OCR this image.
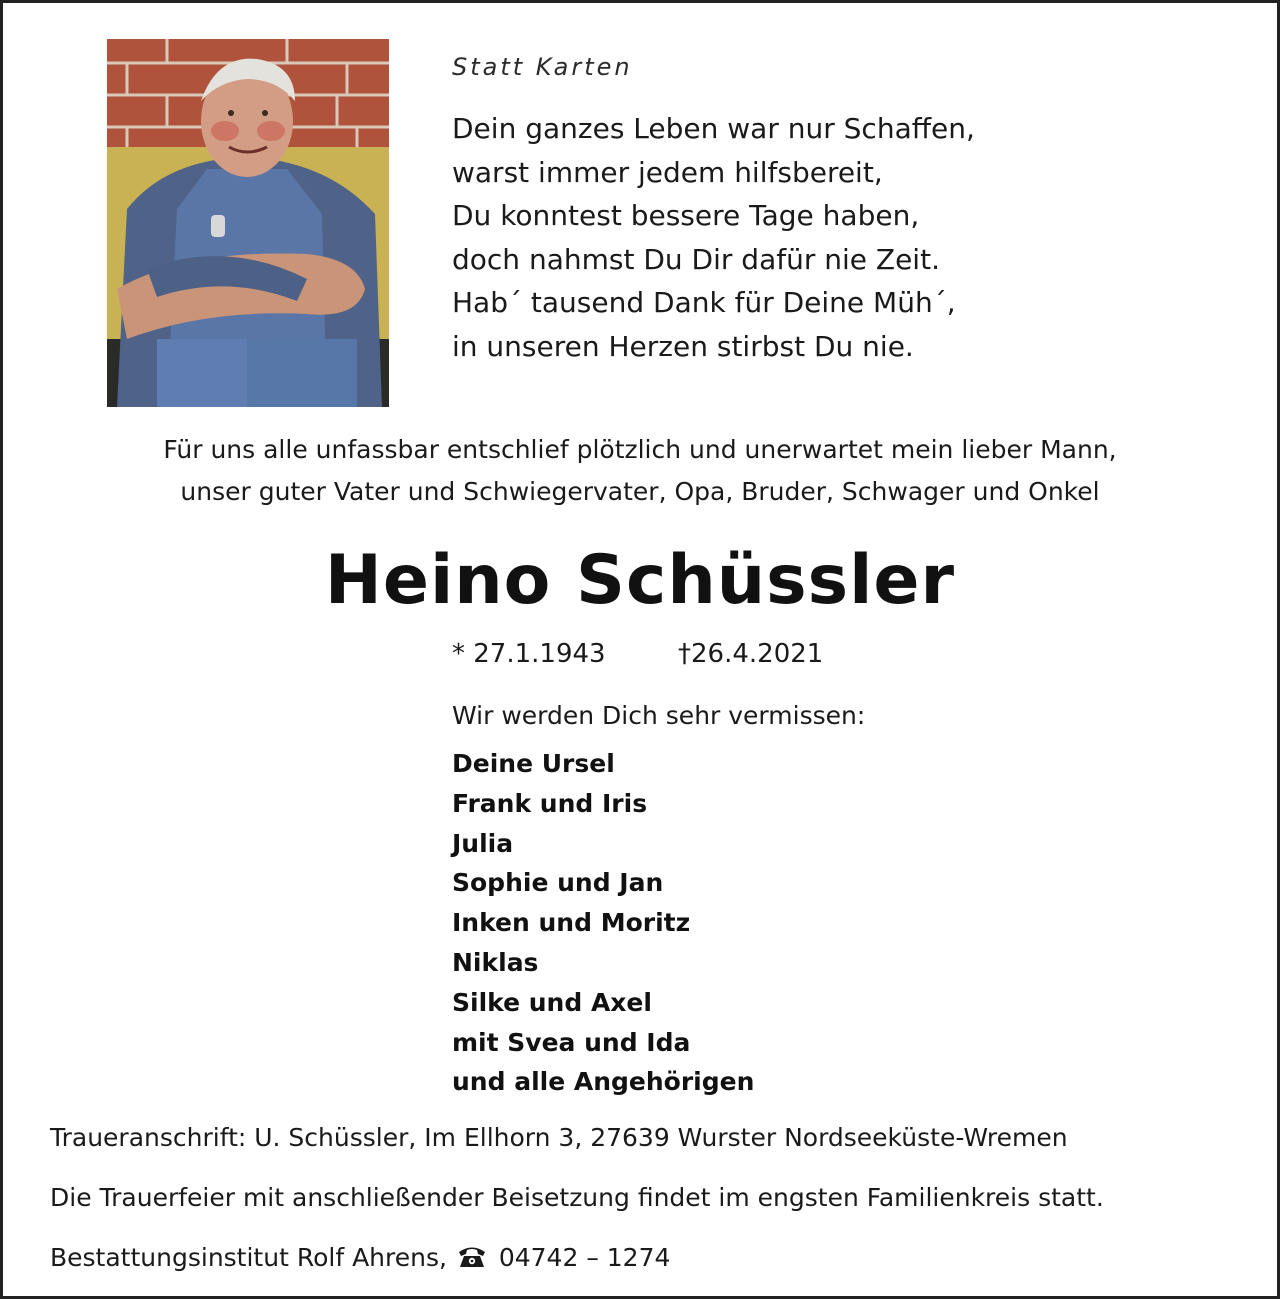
Statt Karten
Dein ganzes Leben war nur Schaffen,
warst immer jedem hilfsbereit,
Du konntest bessere Tage haben,
doch nahmst Du Dir dafür nie Zeit.
Hab´ tausend Dank für Deine Müh´,
in unseren Herzen stirbst Du nie.
Für uns alle unfassbar entschlief plötzlich und unerwartet mein lieber Mann,
unser guter Vater und Schwiegervater, Opa, Bruder, Schwager und Onkel
Heino Schüssler
* 27.1.1943	†26.4.2021
Wir werden Dich sehr vermissen:
Deine Ursel
Frank und Iris
Julia
Sophie und Jan
Inken und Moritz
Niklas
Silke und Axel
mit Svea und Ida
und alle Angehörigen
Traueranschrift: U. Schüssler, Im Ellhorn 3, 27639 Wurster Nordseeküste-Wremen
Die Trauerfeier mit anschließender Beisetzung findet im engsten Familienkreis statt.
Bestattungsinstitut Rolf Ahrens, 04742 – 1274
